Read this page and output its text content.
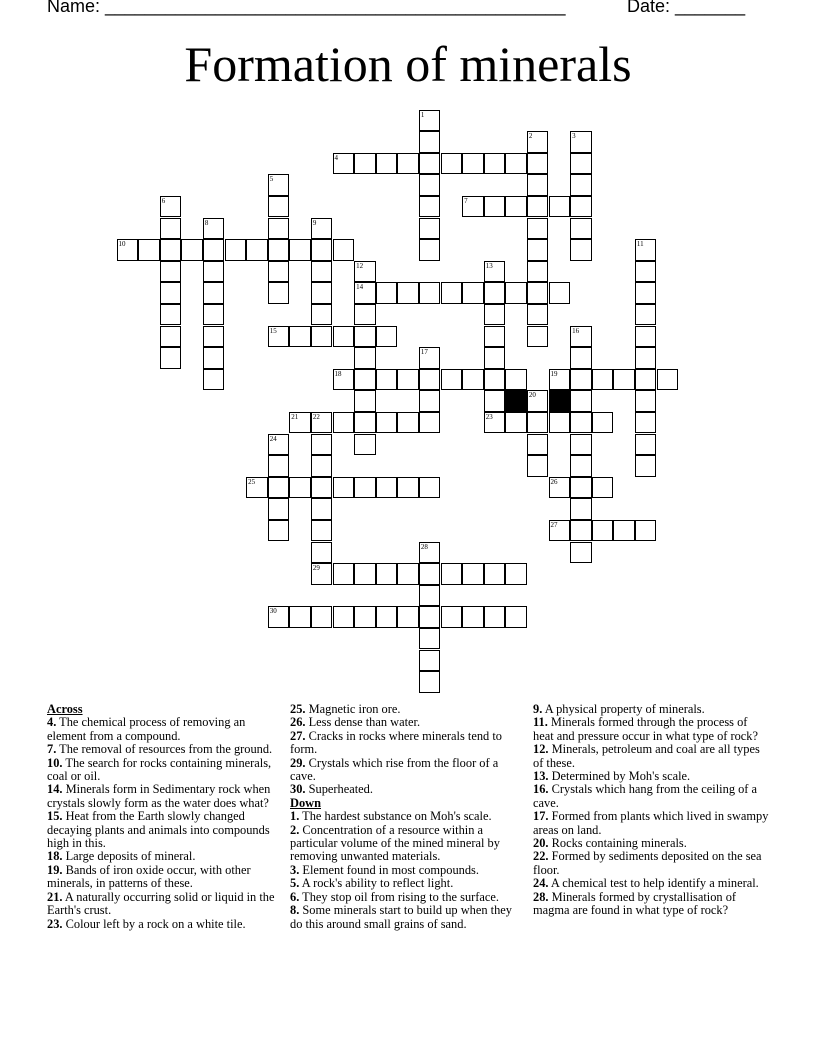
Name: ______________________________________________	Date: _______
Formation of minerals
1
2	3
4
5
6	7
8	9
10	11
12
14
13
23
15	16
17
18	19
20
21 22
29
24
25	26
27
28
30
Across
4. The chemical process of removing an element from a compound.
7. The removal of resources from the ground.
10. The search for rocks containing minerals, coal or oil.
14. Minerals form in Sedimentary rock when crystals slowly form as the water does what?
15. Heat from the Earth slowly changed decaying plants and animals into compounds high in this.
18. Large deposits of mineral.
19. Bands of iron oxide occur, with other minerals, in patterns of these.
21. A naturally occurring solid or liquid in the Earth's crust.
23. Colour left by a rock on a white tile.
25. Magnetic iron ore.
26. Less dense than water.
27. Cracks in rocks where minerals tend to form.
29. Crystals which rise from the floor of a cave.
30. Superheated.
Down
1. The hardest substance on Moh's scale.
2. Concentration of a resource within a particular volume of the mined mineral by removing unwanted materials.
3. Element found in most compounds.
5. A rock's ability to reflect light.
6. They stop oil from rising to the surface.
8. Some minerals start to build up when they do this around small grains of sand.
9. A physical property of minerals.
11. Minerals formed through the process of heat and pressure occur in what type of rock?
12. Minerals, petroleum and coal are all types of these.
13. Determined by Moh's scale.
16. Crystals which hang from the ceiling of a cave.
17. Formed from plants which lived in swampy areas on land.
20. Rocks containing minerals.
22. Formed by sediments deposited on the sea floor.
24. A chemical test to help identify a mineral.
28. Minerals formed by crystallisation of magma are found in what type of rock?
